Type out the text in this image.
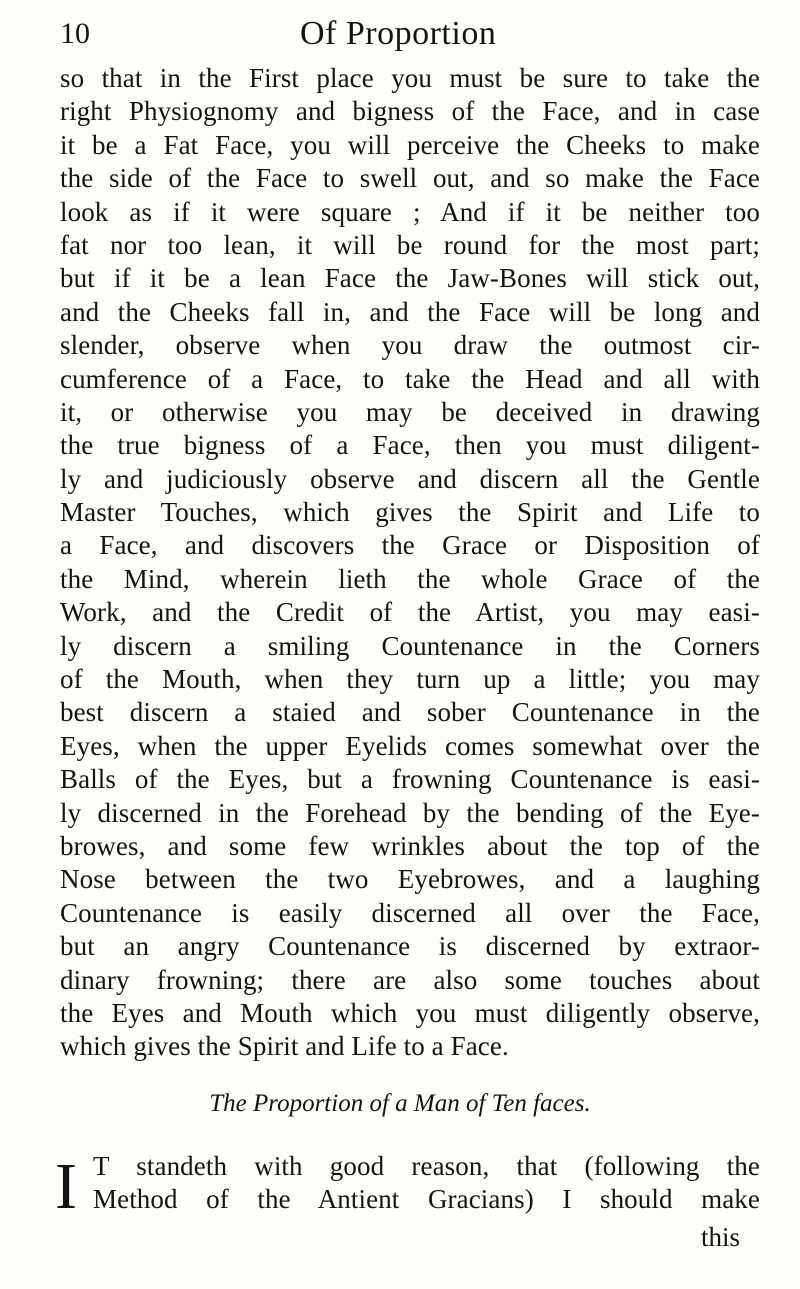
10	Of Proportion
so that in the First place you must be sure to take the
right Physiognomy and bigness of the Face, and in case
it be a Fat Face, you will perceive the Cheeks to make
the side of the Face to swell out, and so make the Face
look as if it were square ; And if it be neither too
fat nor too lean, it will be round for the most part;
but if it be a lean Face the Jaw-Bones will stick out,
and the Cheeks fall in, and the Face will be long and
slender, observe when you draw the outmost cir-
cumference of a Face, to take the Head and all with
it, or otherwise you may be deceived in drawing
the true bigness of a Face, then you must diligent-
ly and judiciously observe and discern all the Gentle
Master Touches, which gives the Spirit and Life to
a Face, and discovers the Grace or Disposition of
the Mind, wherein lieth the whole Grace of the
Work, and the Credit of the Artist, you may easi-
ly discern a smiling Countenance in the Corners
of the Mouth, when they turn up a little; you may
best discern a staied and sober Countenance in the
Eyes, when the upper Eyelids comes somewhat over the
Balls of the Eyes, but a frowning Countenance is easi-
ly discerned in the Forehead by the bending of the Eye-
browes, and some few wrinkles about the top of the
Nose between the two Eyebrowes, and a laughing
Countenance is easily discerned all over the Face,
but an angry Countenance is discerned by extraor-
dinary frowning; there are also some touches about
the Eyes and Mouth which you must diligently observe,
which gives the Spirit and Life to a Face.
The Proportion of a Man of Ten faces.
I T standeth with good reason, that (following the
Method of the Antient Gracians) I should make
this
